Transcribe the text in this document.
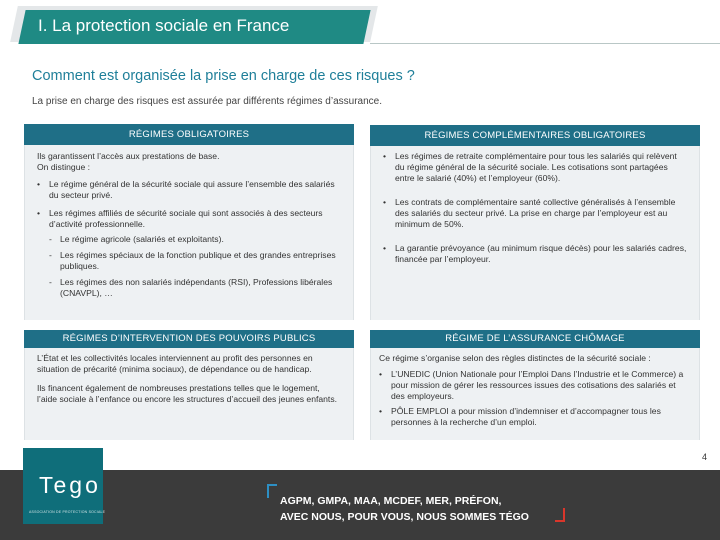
I. La protection sociale en France
Comment est organisée la prise en charge de ces risques ?
La prise en charge des risques est assurée par différents régimes d’assurance.
RÉGIMES OBLIGATOIRES

Ils garantissent l’accès aux prestations de base.

On distingue :

• Le régime général de la sécurité sociale qui assure l’ensemble des salariés du secteur privé.

• Les régimes affiliés de sécurité sociale qui sont associés à des secteurs d’activité professionnelle.

- Le régime agricole (salariés et exploitants).

- Les régimes spéciaux de la fonction publique et des grandes entreprises publiques.

- Les régimes des non salariés indépendants (RSI), Professions libérales (CNAVPL), …

RÉGIMES COMPLÉMENTAIRES OBLIGATOIRES

• Les régimes de retraite complémentaire pour tous les salariés qui relèvent du régime général de la sécurité sociale. Les cotisations sont partagées entre le salarié (40%) et l’employeur (60%).

• Les contrats de complémentaire santé collective généralisés à l’ensemble des salariés du secteur privé. La prise en charge par l’employeur est au minimum de 50%.

• La garantie prévoyance (au minimum risque décès) pour les salariés cadres, financée par l’employeur.

RÉGIMES D’INTERVENTION DES POUVOIRS PUBLICS

L’État et les collectivités locales interviennent au profit des personnes en situation de précarité (minima sociaux), de dépendance ou de handicap.

Ils financent également de nombreuses prestations telles que le logement, l’aide sociale à l’enfance ou encore les structures d’accueil des jeunes enfants.

RÉGIME DE L’ASSURANCE CHÔMAGE

Ce régime s’organise selon des règles distinctes de la sécurité sociale :

• L’UNEDIC (Union Nationale pour l’Emploi Dans l’Industrie et le Commerce) a pour mission de gérer les ressources issues des cotisations des salariés et des employeurs.

• PÔLE EMPLOI a pour mission d’indemniser et d’accompagner tous les personnes à la recherche d’un emploi.

4
Tego
ASSOCIATION DE PROTECTION SOCIALE
AGPM, GMPA, MAA, MCDEF, MER, PRÉFON,
AVEC NOUS, POUR VOUS, NOUS SOMMES TÉGO
